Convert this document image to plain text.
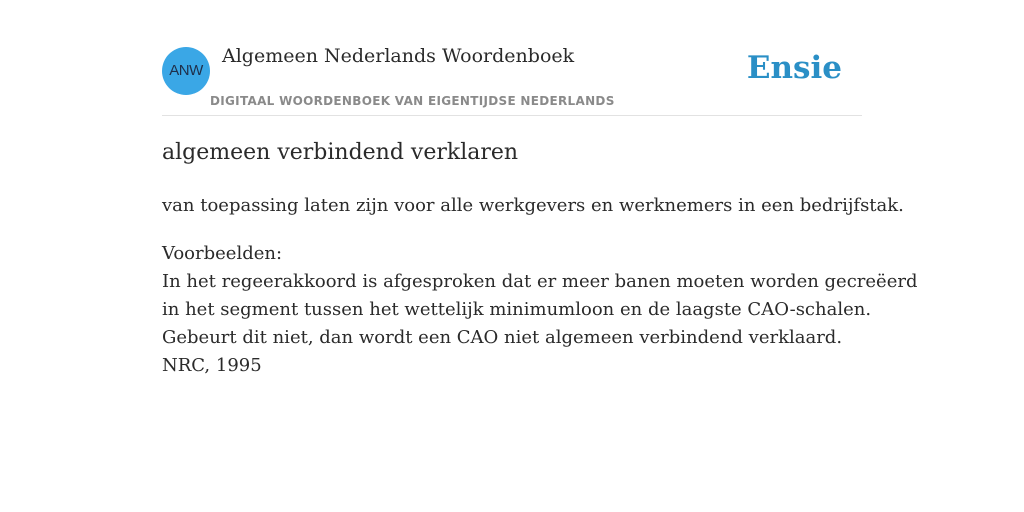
ANW
Algemeen Nederlands Woordenboek
DIGITAAL WOORDENBOEK VAN EIGENTIJDSE NEDERLANDS
Ensie
algemeen verbindend verklaren
van toepassing laten zijn voor alle werkgevers en werknemers in een bedrijfstak.
Voorbeelden:
In het regeerakkoord is afgesproken dat er meer banen moeten worden gecreëerd
in het segment tussen het wettelijk minimumloon en de laagste CAO-schalen.
Gebeurt dit niet, dan wordt een CAO niet algemeen verbindend verklaard.
NRC, 1995
